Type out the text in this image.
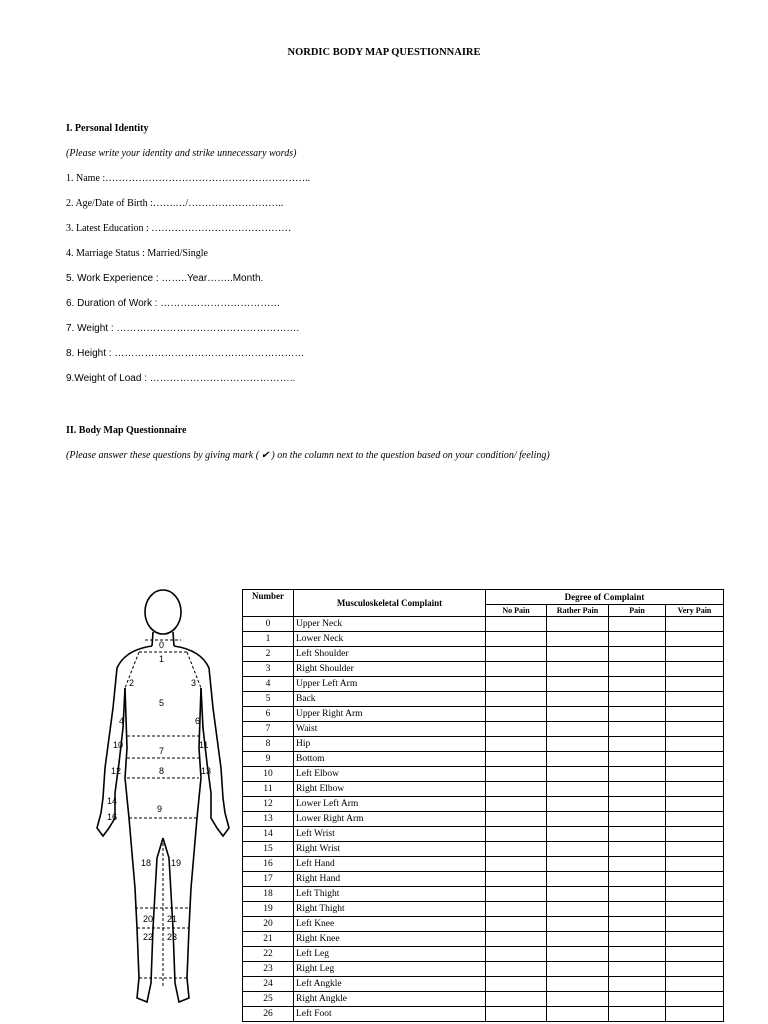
NORDIC BODY MAP QUESTIONNAIRE
I. Personal Identity
(Please write your identity and strike unnecessary words)
1. Name :……………………………………………………..
2. Age/Date of Birth :…….…/………………………..
3. Latest Education : ……………………………………
4. Marriage Status : Married/Single
5. Work Experience : ……..Year……..Month.
6. Duration of Work : ………………………………
7. Weight : ……………………………………………….
8. Height : …………………………………………………
9.Weight of Load : ……………………………………..
II. Body Map Questionnaire
(Please answer these questions by giving mark ( ✔ ) on the column next to the question based on your condition/ feeling)
0
1
2	3
4
5
6
7
8
9
10	11
12	13
14
16
18 19
20 21
22 23
Number	Musculoskeletal Complaint	Degree of Complaint			
		No Pain	Rather Pain	Pain	Very Pain
0	Upper Neck				
1	Lower Neck				
2	Left Shoulder				
3	Right Shoulder				
4	Upper Left Arm				
5	Back				
6	Upper Right Arm				
7	Waist				
8	Hip				
9	Bottom				
10	Left Elbow				
11	Right Elbow				
12	Lower Left Arm				
13	Lower Right Arm				
14	Left Wrist				
15	Right Wrist				
16	Left Hand				
17	Right Hand				
18	Left Thight				
19	Right Thight				
20	Left Knee				
21	Right Knee				
22	Left Leg				
23	Right Leg				
24	Left Angkle				
25	Right Angkle				
26	Left Foot				
